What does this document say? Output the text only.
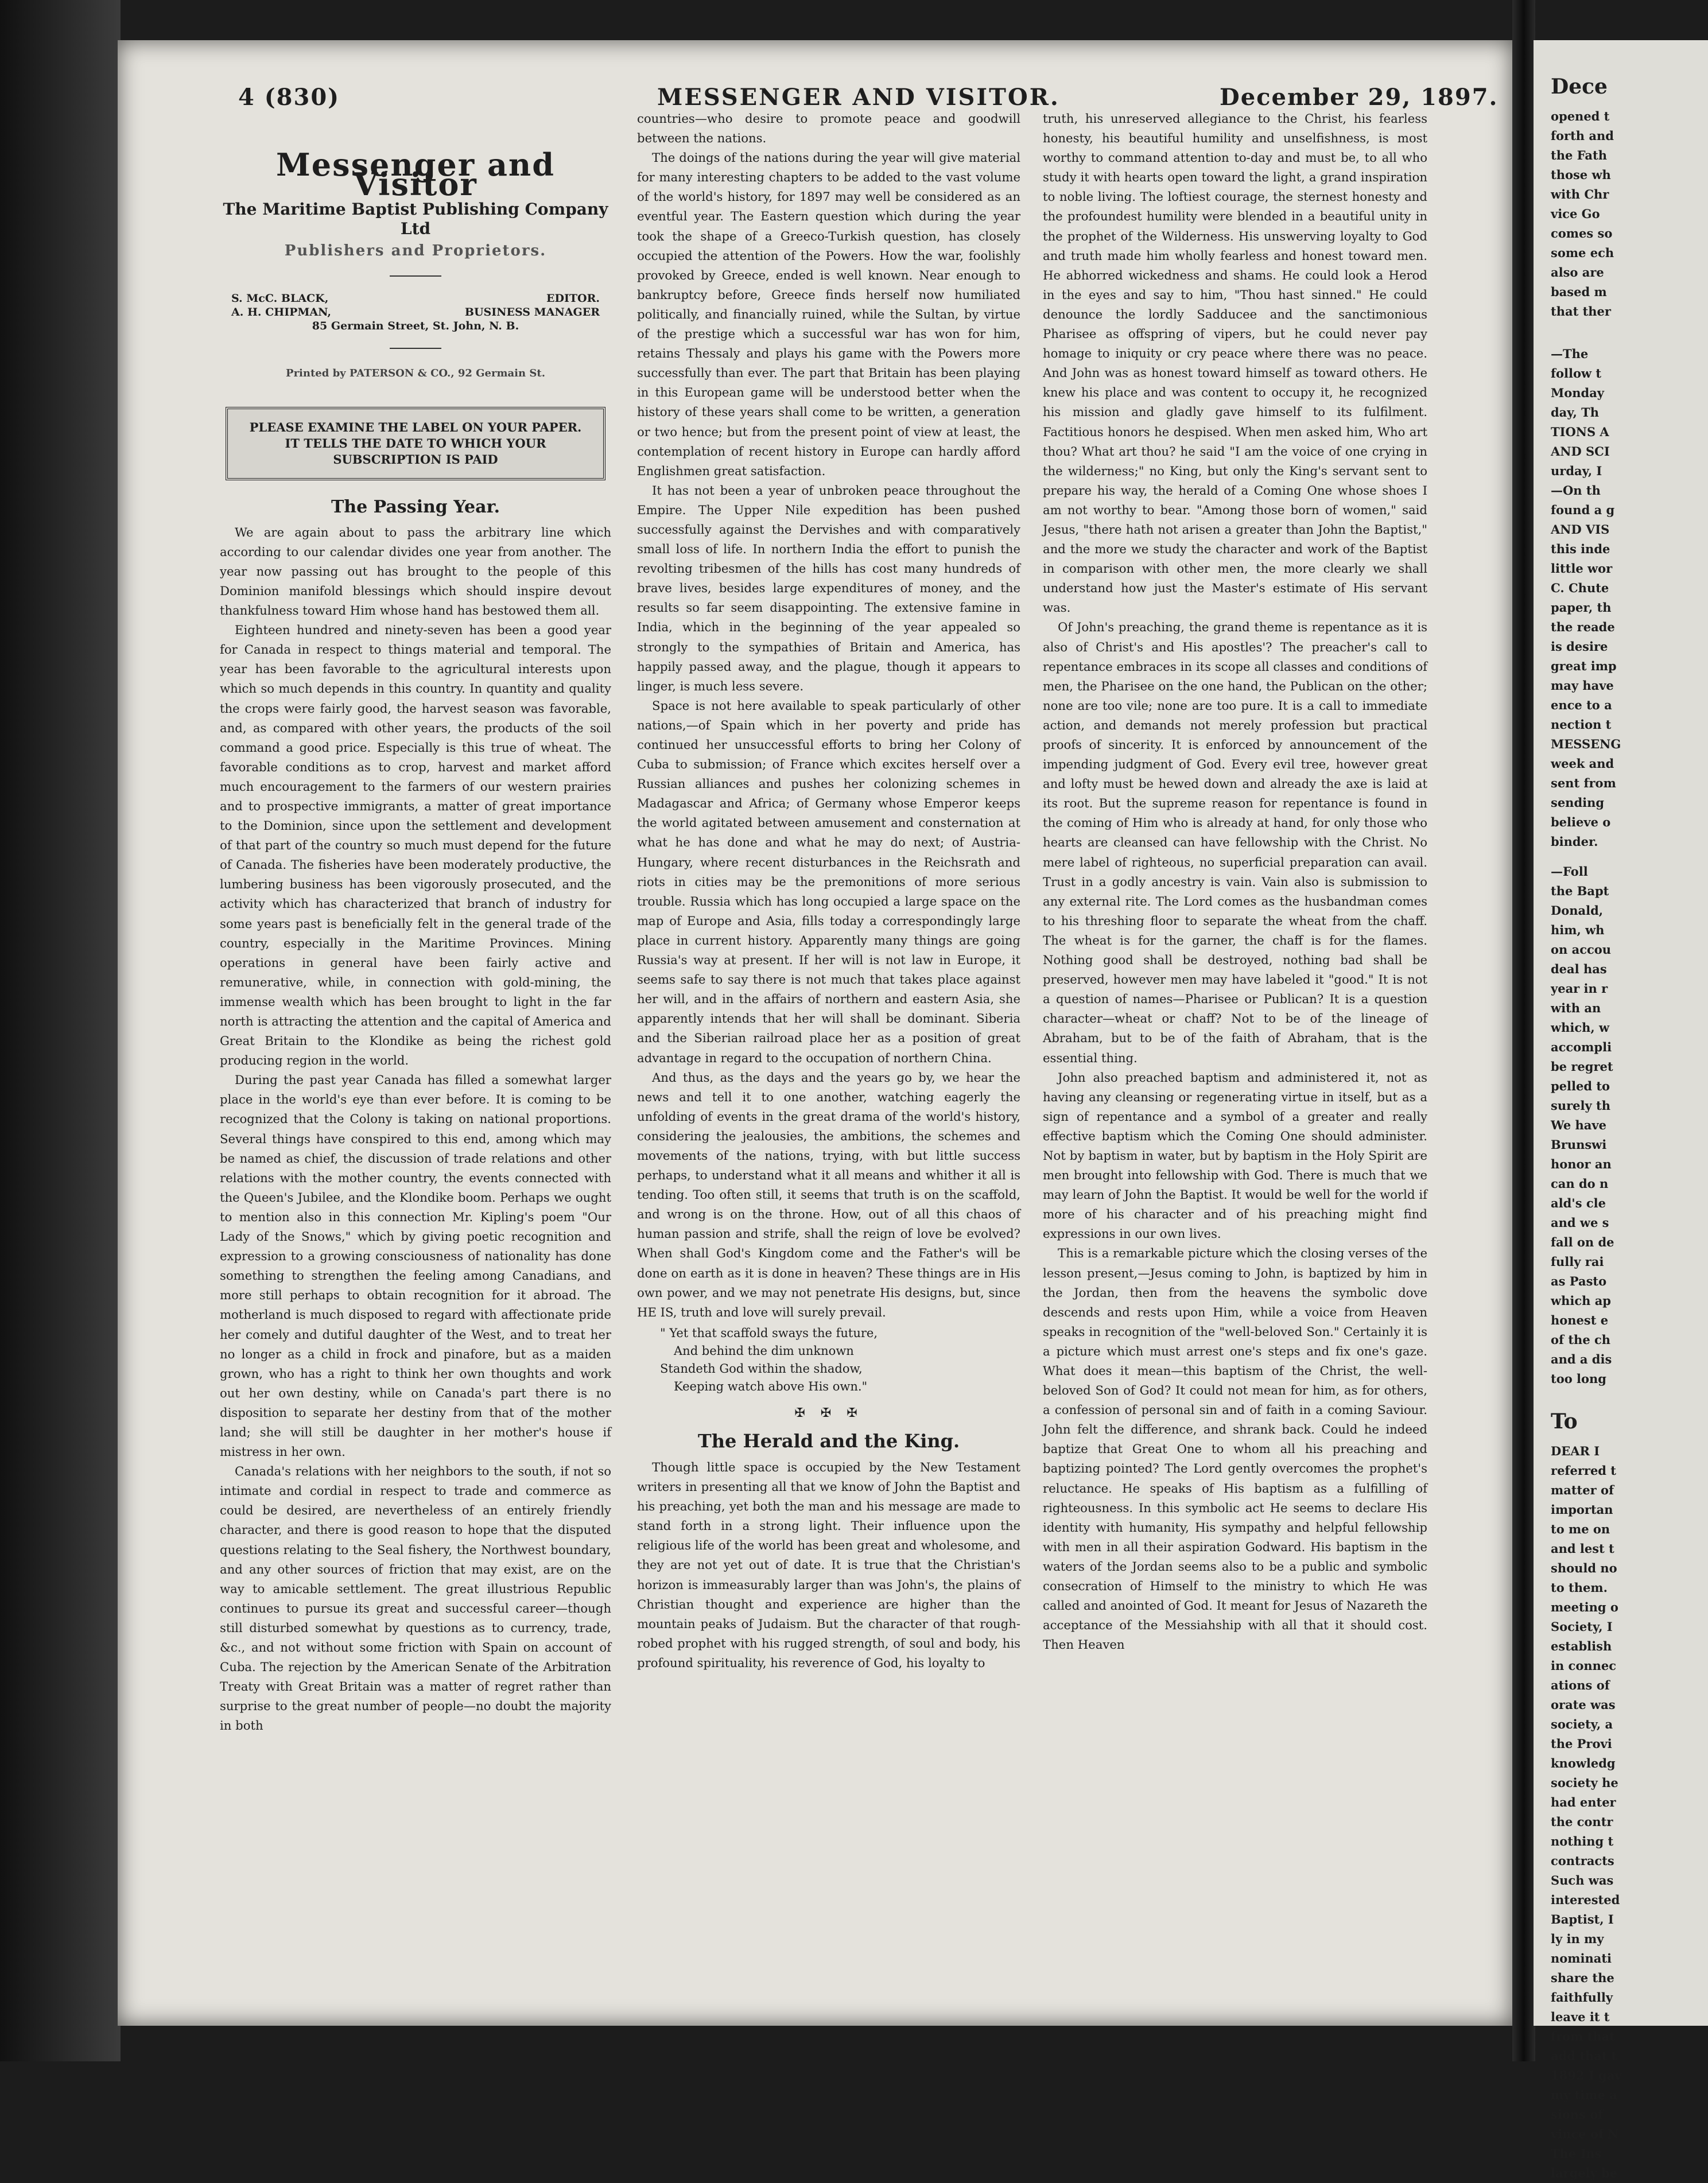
4 (830)	MESSENGER AND VISITOR.	December 29, 1897.
Messenger and Visitor
The Maritime Baptist Publishing Company Ltd
Publishers and Proprietors.
S. McC. BLACK,	EDITOR.
A. H. CHIPMAN,	BUSINESS MANAGER
85 Germain Street, St. John, N. B.
Printed by PATERSON & CO., 92 Germain St.
PLEASE EXAMINE THE LABEL ON YOUR PAPER. IT TELLS THE DATE TO WHICH YOUR SUBSCRIPTION IS PAID
The Passing Year.

We are again about to pass the arbitrary line which according to our calendar divides one year from another. The year now passing out has brought to the people of this Dominion manifold blessings which should inspire devout thankfulness toward Him whose hand has bestowed them all.

Eighteen hundred and ninety-seven has been a good year for Canada in respect to things material and temporal. The year has been favorable to the agricultural interests upon which so much depends in this country. In quantity and quality the crops were fairly good, the harvest season was favorable, and, as compared with other years, the products of the soil command a good price. Especially is this true of wheat. The favorable conditions as to crop, harvest and market afford much encouragement to the farmers of our western prairies and to prospective immigrants, a matter of great importance to the Dominion, since upon the settlement and development of that part of the country so much must depend for the future of Canada. The fisheries have been moderately productive, the lumbering business has been vigorously prosecuted, and the activity which has characterized that branch of industry for some years past is beneficially felt in the general trade of the country, especially in the Maritime Provinces. Mining operations in general have been fairly active and remunerative, while, in connection with gold-mining, the immense wealth which has been brought to light in the far north is attracting the attention and the capital of America and Great Britain to the Klondike as being the richest gold producing region in the world.

During the past year Canada has filled a somewhat larger place in the world's eye than ever before. It is coming to be recognized that the Colony is taking on national proportions. Several things have conspired to this end, among which may be named as chief, the discussion of trade relations and other relations with the mother country, the events connected with the Queen's Jubilee, and the Klondike boom. Perhaps we ought to mention also in this connection Mr. Kipling's poem "Our Lady of the Snows," which by giving poetic recognition and expression to a growing consciousness of nationality has done something to strengthen the feeling among Canadians, and more still perhaps to obtain recognition for it abroad. The motherland is much disposed to regard with affectionate pride her comely and dutiful daughter of the West, and to treat her no longer as a child in frock and pinafore, but as a maiden grown, who has a right to think her own thoughts and work out her own destiny, while on Canada's part there is no disposition to separate her destiny from that of the mother land; she will still be daughter in her mother's house if mistress in her own.

Canada's relations with her neighbors to the south, if not so intimate and cordial in respect to trade and commerce as could be desired, are nevertheless of an entirely friendly character, and there is good reason to hope that the disputed questions relating to the Seal fishery, the Northwest boundary, and any other sources of friction that may exist, are on the way to amicable settlement. The great illustrious Republic continues to pursue its great and successful career—though still disturbed somewhat by questions as to currency, trade, &c., and not without some friction with Spain on account of Cuba. The rejection by the American Senate of the Arbitration Treaty with Great Britain was a matter of regret rather than surprise to the great number of people—no doubt the majority in both

countries—who desire to promote peace and goodwill between the nations.

The doings of the nations during the year will give material for many interesting chapters to be added to the vast volume of the world's history, for 1897 may well be considered as an eventful year. The Eastern question which during the year took the shape of a Greeco-Turkish question, has closely occupied the attention of the Powers. How the war, foolishly provoked by Greece, ended is well known. Near enough to bankruptcy before, Greece finds herself now humiliated politically, and financially ruined, while the Sultan, by virtue of the prestige which a successful war has won for him, retains Thessaly and plays his game with the Powers more successfully than ever. The part that Britain has been playing in this European game will be understood better when the history of these years shall come to be written, a generation or two hence; but from the present point of view at least, the contemplation of recent history in Europe can hardly afford Englishmen great satisfaction.

It has not been a year of unbroken peace throughout the Empire. The Upper Nile expedition has been pushed successfully against the Dervishes and with comparatively small loss of life. In northern India the effort to punish the revolting tribesmen of the hills has cost many hundreds of brave lives, besides large expenditures of money, and the results so far seem disappointing. The extensive famine in India, which in the beginning of the year appealed so strongly to the sympathies of Britain and America, has happily passed away, and the plague, though it appears to linger, is much less severe.

Space is not here available to speak particularly of other nations,—of Spain which in her poverty and pride has continued her unsuccessful efforts to bring her Colony of Cuba to submission; of France which excites herself over a Russian alliances and pushes her colonizing schemes in Madagascar and Africa; of Germany whose Emperor keeps the world agitated between amusement and consternation at what he has done and what he may do next; of Austria-Hungary, where recent disturbances in the Reichsrath and riots in cities may be the premonitions of more serious trouble. Russia which has long occupied a large space on the map of Europe and Asia, fills today a correspondingly large place in current history. Apparently many things are going Russia's way at present. If her will is not law in Europe, it seems safe to say there is not much that takes place against her will, and in the affairs of northern and eastern Asia, she apparently intends that her will shall be dominant. Siberia and the Siberian railroad place her as a position of great advantage in regard to the occupation of northern China.

And thus, as the days and the years go by, we hear the news and tell it to one another, watching eagerly the unfolding of events in the great drama of the world's history, considering the jealousies, the ambitions, the schemes and movements of the nations, trying, with but little success perhaps, to understand what it all means and whither it all is tending. Too often still, it seems that truth is on the scaffold, and wrong is on the throne. How, out of all this chaos of human passion and strife, shall the reign of love be evolved? When shall God's Kingdom come and the Father's will be done on earth as it is done in heaven? These things are in His own power, and we may not penetrate His designs, but, since HE IS, truth and love will surely prevail.

" Yet that scaffold sways the future,
And behind the dim unknown
Standeth God within the shadow,
Keeping watch above His own."
✠ ✠ ✠
The Herald and the King.

Though little space is occupied by the New Testament writers in presenting all that we know of John the Baptist and his preaching, yet both the man and his message are made to stand forth in a strong light. Their influence upon the religious life of the world has been great and wholesome, and they are not yet out of date. It is true that the Christian's horizon is immeasurably larger than was John's, the plains of Christian thought and experience are higher than the mountain peaks of Judaism. But the character of that rough-robed prophet with his rugged strength, of soul and body, his profound spirituality, his reverence of God, his loyalty to

truth, his unreserved allegiance to the Christ, his fearless honesty, his beautiful humility and unselfishness, is most worthy to command attention to-day and must be, to all who study it with hearts open toward the light, a grand inspiration to noble living. The loftiest courage, the sternest honesty and the profoundest humility were blended in a beautiful unity in the prophet of the Wilderness. His unswerving loyalty to God and truth made him wholly fearless and honest toward men. He abhorred wickedness and shams. He could look a Herod in the eyes and say to him, "Thou hast sinned." He could denounce the lordly Sadducee and the sanctimonious Pharisee as offspring of vipers, but he could never pay homage to iniquity or cry peace where there was no peace. And John was as honest toward himself as toward others. He knew his place and was content to occupy it, he recognized his mission and gladly gave himself to its fulfilment. Factitious honors he despised. When men asked him, Who art thou? What art thou? he said "I am the voice of one crying in the wilderness;" no King, but only the King's servant sent to prepare his way, the herald of a Coming One whose shoes I am not worthy to bear. "Among those born of women," said Jesus, "there hath not arisen a greater than John the Baptist," and the more we study the character and work of the Baptist in comparison with other men, the more clearly we shall understand how just the Master's estimate of His servant was.

Of John's preaching, the grand theme is repentance as it is also of Christ's and His apostles'? The preacher's call to repentance embraces in its scope all classes and conditions of men, the Pharisee on the one hand, the Publican on the other; none are too vile; none are too pure. It is a call to immediate action, and demands not merely profession but practical proofs of sincerity. It is enforced by announcement of the impending judgment of God. Every evil tree, however great and lofty must be hewed down and already the axe is laid at its root. But the supreme reason for repentance is found in the coming of Him who is already at hand, for only those who hearts are cleansed can have fellowship with the Christ. No mere label of righteous, no superficial preparation can avail. Trust in a godly ancestry is vain. Vain also is submission to any external rite. The Lord comes as the husbandman comes to his threshing floor to separate the wheat from the chaff. The wheat is for the garner, the chaff is for the flames. Nothing good shall be destroyed, nothing bad shall be preserved, however men may have labeled it "good." It is not a question of names—Pharisee or Publican? It is a question character—wheat or chaff? Not to be of the lineage of Abraham, but to be of the faith of Abraham, that is the essential thing.

John also preached baptism and administered it, not as having any cleansing or regenerating virtue in itself, but as a sign of repentance and a symbol of a greater and really effective baptism which the Coming One should administer. Not by baptism in water, but by baptism in the Holy Spirit are men brought into fellowship with God. There is much that we may learn of John the Baptist. It would be well for the world if more of his character and of his preaching might find expressions in our own lives.

This is a remarkable picture which the closing verses of the lesson present,—Jesus coming to John, is baptized by him in the Jordan, then from the heavens the symbolic dove descends and rests upon Him, while a voice from Heaven speaks in recognition of the "well-beloved Son." Certainly it is a picture which must arrest one's steps and fix one's gaze. What does it mean—this baptism of the Christ, the well-beloved Son of God? It could not mean for him, as for others, a confession of personal sin and of faith in a coming Saviour. John felt the difference, and shrank back. Could he indeed baptize that Great One to whom all his preaching and baptizing pointed? The Lord gently overcomes the prophet's reluctance. He speaks of His baptism as a fulfilling of righteousness. In this symbolic act He seems to declare His identity with humanity, His sympathy and helpful fellowship with men in all their aspiration Godward. His baptism in the waters of the Jordan seems also to be a public and symbolic consecration of Himself to the ministry to which He was called and anointed of God. It meant for Jesus of Nazareth the acceptance of the Messiahship with all that it should cost. Then Heaven

Dece
opened t
forth and
the Fath
those wh
with Chr
vice Go
comes so
some ech
also are
based m
that ther
—The
follow t
Monday
day, Th
TIONS A
AND SCI
urday, I
—On th
found a g
AND VIS
this inde
little wor
C. Chute
paper, th
the reade
is desire
great imp
may have
ence to a
nection t
MESSENG
week and
sent from
sending
believe o
binder.
—Foll
the Bapt
Donald,
him, wh
on accou
deal has
year in r
with an
which, w
accompli
be regret
pelled to
surely th
We have
Brunswi
honor an
can do n
ald's cle
and we s
fall on de
fully rai
as Pasto
which ap
honest e
of the ch
and a dis
too long
To
DEAR I
referred t
matter of
importan
to me on
and lest t
should no
to them.
meeting o
Society, I
establish
in connec
ations of
orate was
society, a
the Provi
knowledg
society he
had enter
the contr
nothing t
contracts
Such was
interested
Baptist, I
ly in my
nominati
share the
faithfully
leave it t
from that
add that t
1892 I gav
my time a
sions of
vince of N
The Ins
largely be
